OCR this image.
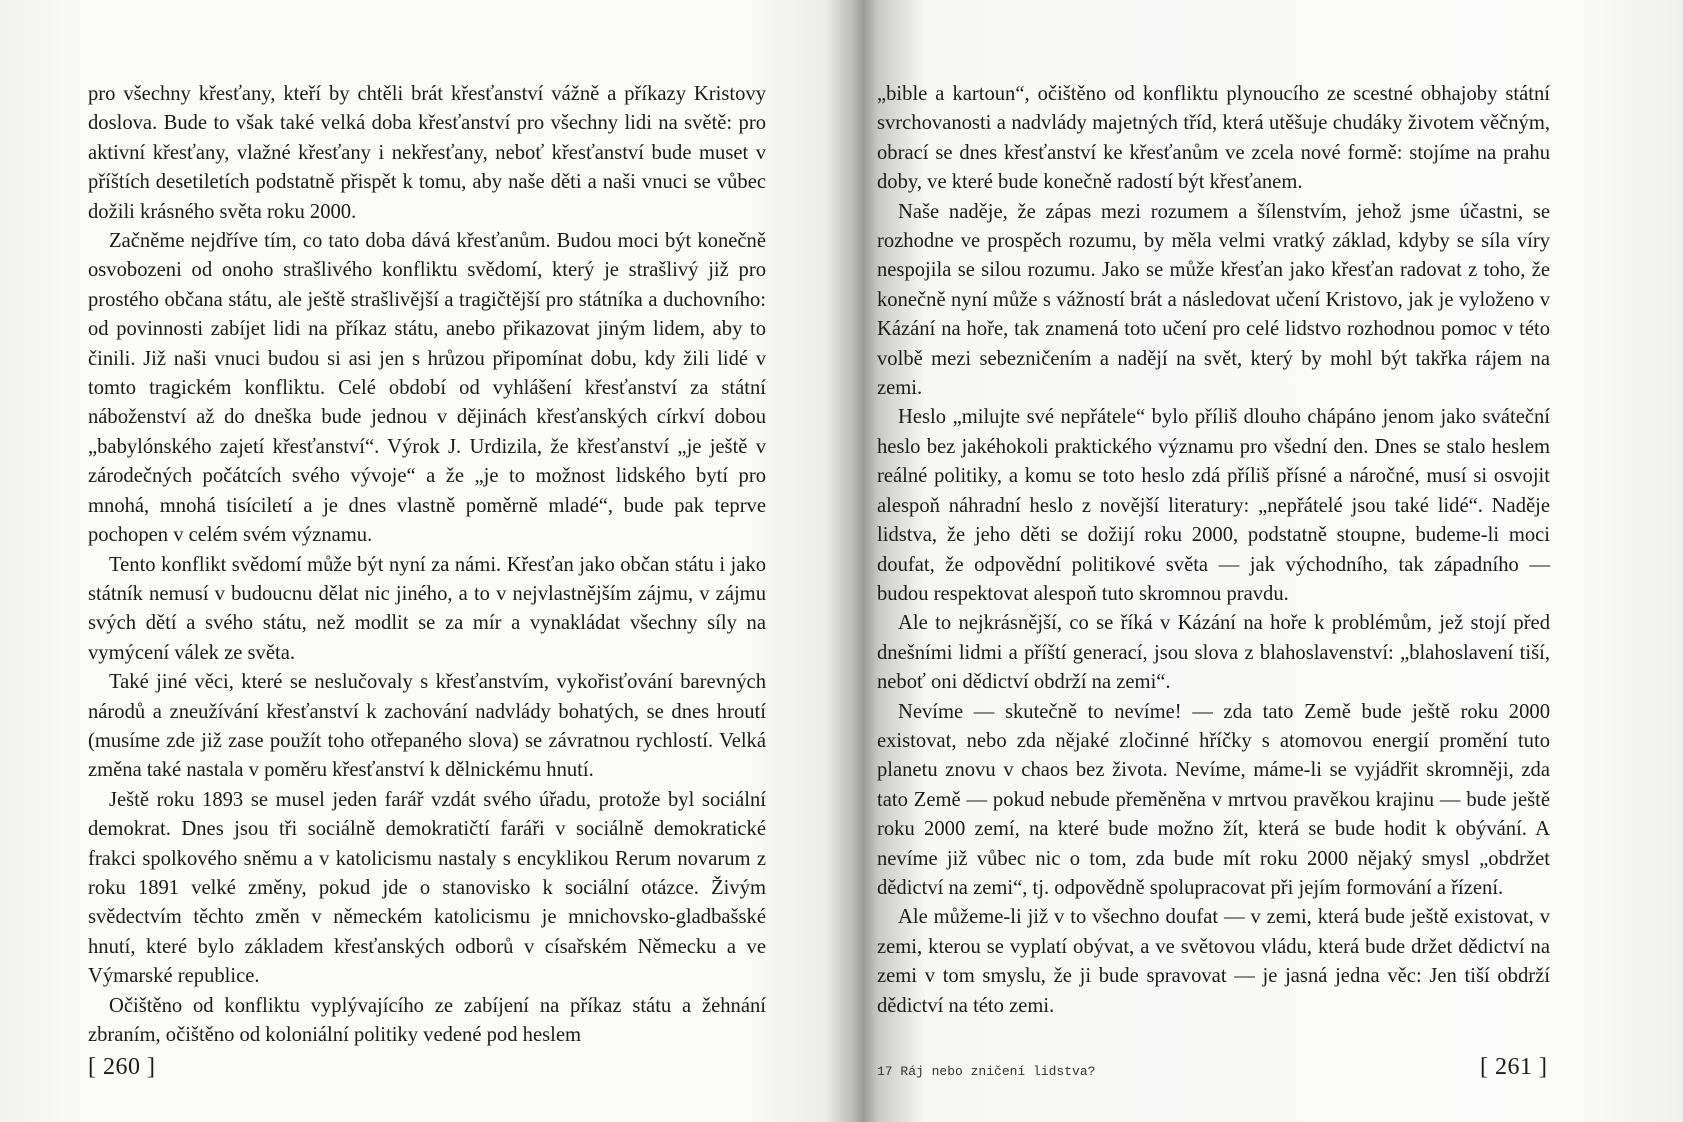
pro všechny křesťany, kteří by chtěli brát křesťanství vážně a příkazy Kristovy doslova. Bude to však také velká doba křesťanství pro všechny lidi na světě: pro aktivní křesťany, vlažné křesťany i nekřesťany, neboť křesťanství bude muset v příštích desetiletích podstatně přispět k tomu, aby naše děti a naši vnuci se vůbec dožili krásného světa roku 2000.

Začněme nejdříve tím, co tato doba dává křesťanům. Budou moci být konečně osvobozeni od onoho strašlivého konfliktu svědomí, který je strašlivý již pro prostého občana státu, ale ještě strašlivější a tragičtější pro státníka a duchovního: od povinnosti zabíjet lidi na příkaz státu, anebo přikazovat jiným lidem, aby to činili. Již naši vnuci budou si asi jen s hrůzou připomínat dobu, kdy žili lidé v tomto tragickém konfliktu. Celé období od vyhlášení křesťanství za státní náboženství až do dneška bude jednou v dějinách křesťanských církví dobou „babylónského zajetí křesťanství“. Výrok J. Urdizila, že křesťanství „je ještě v zárodečných počátcích svého vývoje“ a že „je to možnost lidského bytí pro mnohá, mnohá tisíciletí a je dnes vlastně poměrně mladé“, bude pak teprve pochopen v celém svém významu.

Tento konflikt svědomí může být nyní za námi. Křesťan jako občan státu i jako státník nemusí v budoucnu dělat nic jiného, a to v nejvlastnějším zájmu, v zájmu svých dětí a svého státu, než modlit se za mír a vynakládat všechny síly na vymýcení válek ze světa.

Také jiné věci, které se neslučovaly s křesťanstvím, vykořisťování barevných národů a zneužívání křesťanství k zachování nadvlády bohatých, se dnes hroutí (musíme zde již zase použít toho otřepaného slova) se závratnou rychlostí. Velká změna také nastala v poměru křesťanství k dělnickému hnutí.

Ještě roku 1893 se musel jeden farář vzdát svého úřadu, protože byl sociální demokrat. Dnes jsou tři sociálně demokratičtí faráři v sociálně demokratické frakci spolkového sněmu a v katolicismu nastaly s encyklikou Rerum novarum z roku 1891 velké změny, pokud jde o stanovisko k sociální otázce. Živým svědectvím těchto změn v německém katolicismu je mnichovsko-gladbašské hnutí, které bylo základem křesťanských odborů v císařském Německu a ve Výmarské republice.

Očištěno od konfliktu vyplývajícího ze zabíjení na příkaz státu a žehnání zbraním, očištěno od koloniální politiky vedené pod heslem

[ 260 ]

„bible a kartoun“, očištěno od konfliktu plynoucího ze scestné obhajoby státní svrchovanosti a nadvlády majetných tříd, která utěšuje chudáky životem věčným, obrací se dnes křesťanství ke křesťanům ve zcela nové formě: stojíme na prahu doby, ve které bude konečně radostí být křesťanem.

Naše naděje, že zápas mezi rozumem a šílenstvím, jehož jsme účastni, se rozhodne ve prospěch rozumu, by měla velmi vratký základ, kdyby se síla víry nespojila se silou rozumu. Jako se může křesťan jako křesťan radovat z toho, že konečně nyní může s vážností brát a následovat učení Kristovo, jak je vyloženo v Kázání na hoře, tak znamená toto učení pro celé lidstvo rozhodnou pomoc v této volbě mezi sebezničením a nadějí na svět, který by mohl být takřka rájem na zemi.

Heslo „milujte své nepřátele“ bylo příliš dlouho chápáno jenom jako sváteční heslo bez jakéhokoli praktického významu pro všední den. Dnes se stalo heslem reálné politiky, a komu se toto heslo zdá příliš přísné a náročné, musí si osvojit alespoň náhradní heslo z novější literatury: „nepřátelé jsou také lidé“. Naděje lidstva, že jeho děti se dožijí roku 2000, podstatně stoupne, budeme-li moci doufat, že odpovědní politikové světa — jak východního, tak západního — budou respektovat alespoň tuto skromnou pravdu.

Ale to nejkrásnější, co se říká v Kázání na hoře k problémům, jež stojí před dnešními lidmi a příští generací, jsou slova z blahoslavenství: „blahoslavení tiší, neboť oni dědictví obdrží na zemi“.

Nevíme — skutečně to nevíme! — zda tato Země bude ještě roku 2000 existovat, nebo zda nějaké zločinné hříčky s atomovou energií promění tuto planetu znovu v chaos bez života. Nevíme, máme-li se vyjádřit skromněji, zda tato Země — pokud nebude přeměněna v mrtvou pravěkou krajinu — bude ještě roku 2000 zemí, na které bude možno žít, která se bude hodit k obývání. A nevíme již vůbec nic o tom, zda bude mít roku 2000 nějaký smysl „obdržet dědictví na zemi“, tj. odpovědně spolupracovat při jejím formování a řízení.

Ale můžeme-li již v to všechno doufat — v zemi, která bude ještě existovat, v zemi, kterou se vyplatí obývat, a ve světovou vládu, která bude držet dědictví na zemi v tom smyslu, že ji bude spravovat — je jasná jedna věc: Jen tiší obdrží dědictví na této zemi.

17 Ráj nebo zničení lidstva?	[ 261 ]
